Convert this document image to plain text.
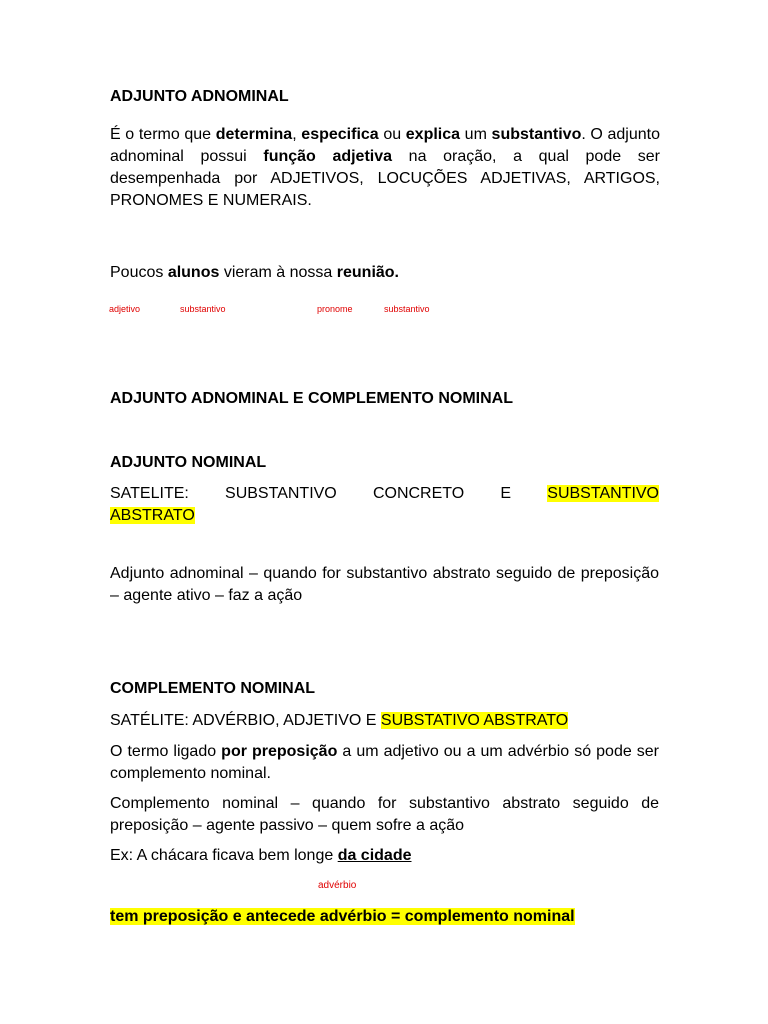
ADJUNTO ADNOMINAL
É o termo que determina, especifica ou explica um substantivo. O adjunto adnominal possui função adjetiva na oração, a qual pode ser desempenhada por ADJETIVOS, LOCUÇÕES ADJETIVAS, ARTIGOS, PRONOMES E NUMERAIS.
Poucos alunos vieram à nossa reunião.
adjetivo	substantivo	pronome	substantivo
ADJUNTO ADNOMINAL E COMPLEMENTO NOMINAL
ADJUNTO NOMINAL
SATELITE: SUBSTANTIVO CONCRETO E SUBSTANTIVO
ABSTRATO
Adjunto adnominal – quando for substantivo abstrato seguido de preposição – agente ativo – faz a ação
COMPLEMENTO NOMINAL
SATÉLITE: ADVÉRBIO, ADJETIVO E SUBSTATIVO ABSTRATO
O termo ligado por preposição a um adjetivo ou a um advérbio só pode ser complemento nominal.
Complemento nominal – quando for substantivo abstrato seguido de preposição – agente passivo – quem sofre a ação
Ex: A chácara ficava bem longe da cidade
advérbio
tem preposição e antecede advérbio = complemento nominal
